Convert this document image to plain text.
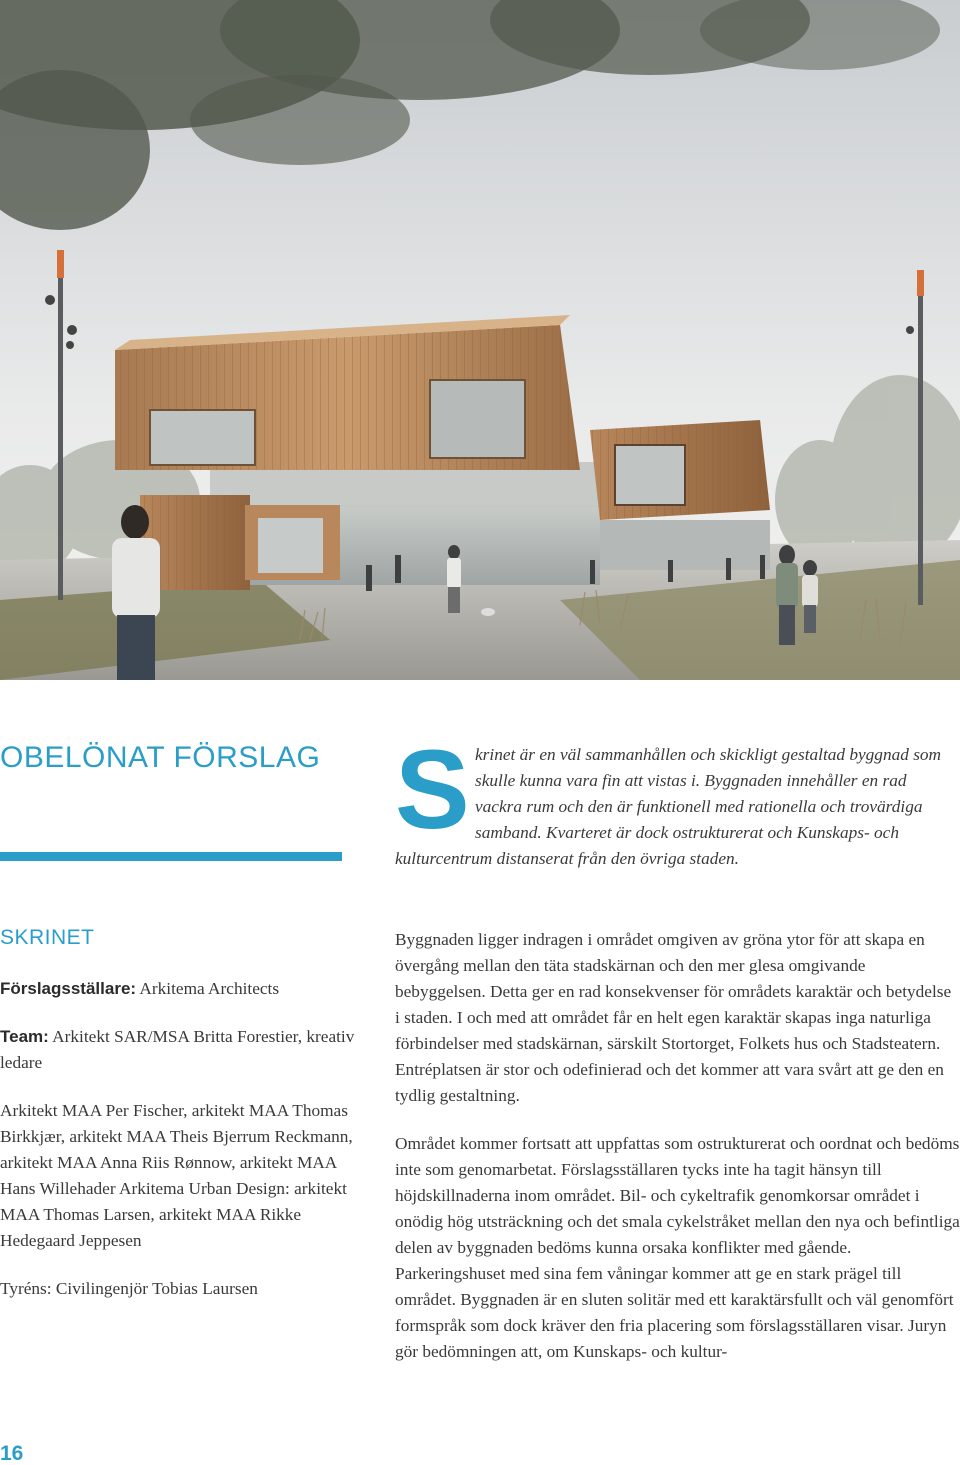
OBELÖNAT FÖRSLAG
SKRINET

Förslagsställare: Arkitema Architects

Team: Arkitekt SAR/MSA Britta Forestier, kreativ ledare

Arkitekt MAA Per Fischer, arkitekt MAA Thomas Birkkjær, arkitekt MAA Theis Bjerrum Reckmann, arkitekt MAA Anna Riis Rønnow, arkitekt MAA Hans Willehader Arkitema Urban Design: arkitekt MAA Thomas Larsen, arkitekt MAA Rikke Hedegaard Jeppesen

Tyréns: Civilingenjör Tobias Laursen

Skrinet är en väl sammanhållen och skickligt gestaltad byggnad som skulle kunna vara fin att vistas i. Byggnaden innehåller en rad vackra rum och den är funktionell med rationella och trovärdiga samband. Kvarteret är dock ostrukturerat och Kunskaps- och kulturcentrum distanserat från den övriga staden.

Byggnaden ligger indragen i området omgiven av gröna ytor för att skapa en övergång mellan den täta stadskärnan och den mer glesa omgivande bebyggelsen. Detta ger en rad konsekvenser för områdets karaktär och betydelse i staden. I och med att området får en helt egen karaktär skapas inga naturliga förbindelser med stadskärnan, särskilt Stortorget, Folkets hus och Stadsteatern. Entréplatsen är stor och odefinierad och det kommer att vara svårt att ge den en tydlig gestaltning.

Området kommer fortsatt att uppfattas som ostrukturerat och oordnat och bedöms inte som genomarbetat. Förslagsställaren tycks inte ha tagit hänsyn till höjdskillnaderna inom området. Bil- och cykeltrafik genomkorsar området i onödig hög utsträckning och det smala cykelstråket mellan den nya och befintliga delen av byggnaden bedöms kunna orsaka konflikter med gående. Parkeringshuset med sina fem våningar kommer att ge en stark prägel till området. Byggnaden är en sluten solitär med ett karaktärsfullt och väl genomfört formspråk som dock kräver den fria placering som förslagsställaren visar. Juryn gör bedömningen att, om Kunskaps- och kultur-

16
